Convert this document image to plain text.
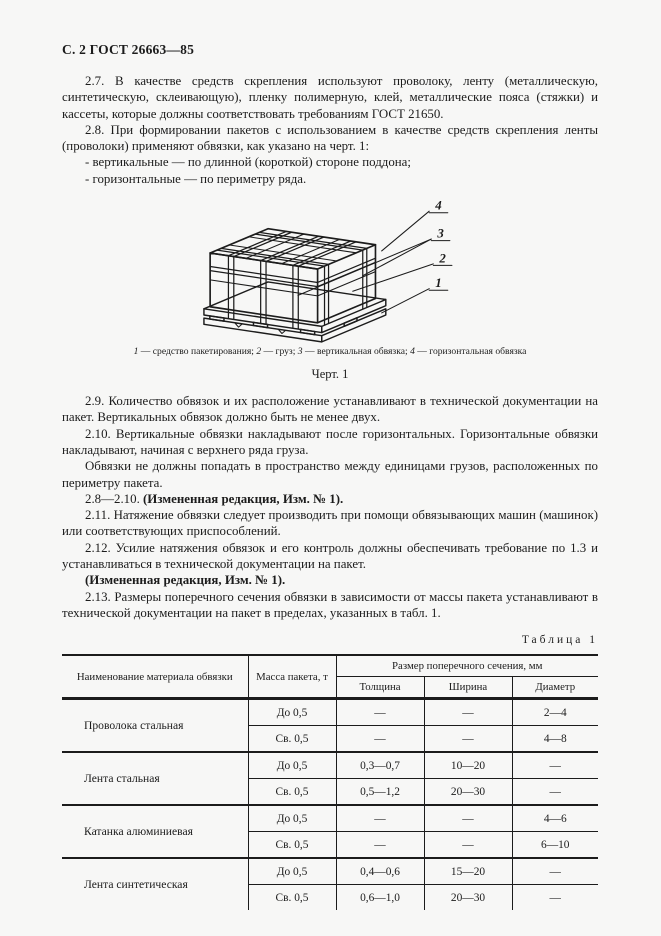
С. 2 ГОСТ 26663—85

2.7. В качестве средств скрепления используют проволоку, ленту (металлическую, синтетическую, склеивающую), пленку полимерную, клей, металлические пояса (стяжки) и кассеты, которые должны соответствовать требованиям ГОСТ 21650.

2.8. При формировании пакетов с использованием в качестве средств скрепления ленты (проволоки) применяют обвязки, как указано на черт. 1:

- вертикальные — по длинной (короткой) стороне поддона;

- горизонтальные — по периметру ряда.

4
3
2
1
1 — средство пакетирования; 2 — груз; 3 — вертикальная обвязка; 4 — горизонтальная обвязка
Черт. 1

2.9. Количество обвязок и их расположение устанавливают в технической документации на пакет. Вертикальных обвязок должно быть не менее двух.

2.10. Вертикальные обвязки накладывают после горизонтальных. Горизонтальные обвязки накладывают, начиная с верхнего ряда груза.

Обвязки не должны попадать в пространство между единицами грузов, расположенных по периметру пакета.

2.8—2.10. (Измененная редакция, Изм. № 1).

2.11. Натяжение обвязки следует производить при помощи обвязывающих машин (машинок) или соответствующих приспособлений.

2.12. Усилие натяжения обвязок и его контроль должны обеспечивать требование по 1.3 и устанавливаться в технической документации на пакет.

(Измененная редакция, Изм. № 1).

2.13. Размеры поперечного сечения обвязки в зависимости от массы пакета устанавливают в технической документации на пакет в пределах, указанных в табл. 1.

Таблица 1
Наименование материала обвязки	Масса пакета, т	Размер поперечного сечения, мм		
		Толщина	Ширина	Диаметр
Проволока стальная	До 0,5	—	—	2—4
	Св. 0,5	—	—	4—8
Лента стальная	До 0,5	0,3—0,7	10—20	—
	Св. 0,5	0,5—1,2	20—30	—
Катанка алюминиевая	До 0,5	—	—	4—6
	Св. 0,5	—	—	6—10
Лента синтетическая	До 0,5	0,4—0,6	15—20	—
	Св. 0,5	0,6—1,0	20—30	—
